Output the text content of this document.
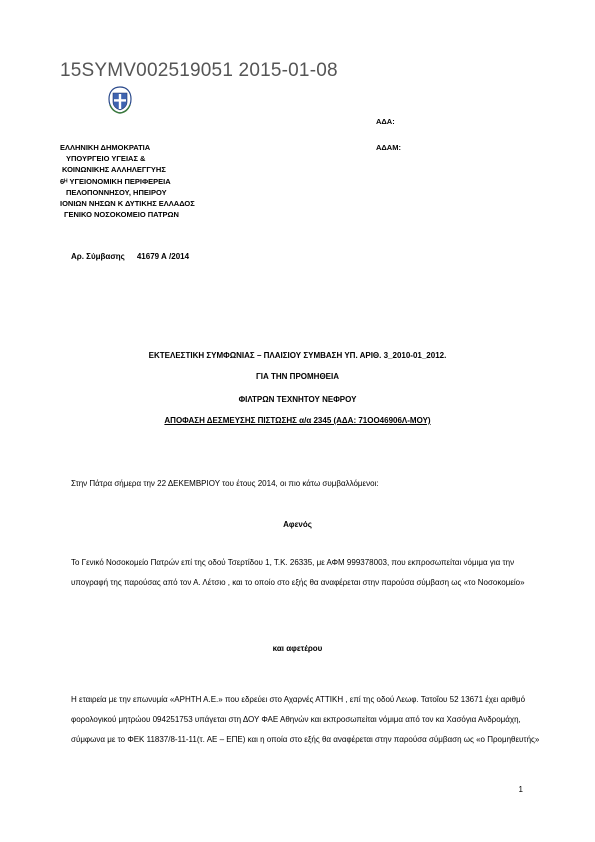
15SYMV002519051 2015-01-08
ΑΔΑ:
ΑΔΑΜ:
ΕΛΛΗΝΙΚΗ ΔΗΜΟΚΡΑΤΙΑ
ΥΠΟΥΡΓΕΙΟ ΥΓΕΙΑΣ &
ΚΟΙΝΩΝΙΚΗΣ ΑΛΛΗΛΕΓΓΥΗΣ
6ᴴ ΥΓΕΙΟΝΟΜΙΚΗ ΠΕΡΙΦΕΡΕΙΑ
ΠΕΛΟΠΟΝΝΗΣΟΥ, ΗΠΕΙΡΟΥ
ΙΟΝΙΩΝ ΝΗΣΩΝ Κ ΔΥΤΙΚΗΣ ΕΛΛΑΔΟΣ
ΓΕΝΙΚΟ ΝΟΣΟΚΟΜΕΙΟ ΠΑΤΡΩΝ
Αρ. Σύμβασης 41679 Α /2014
ΕΚΤΕΛΕΣΤΙΚΗ ΣΥΜΦΩΝΙΑΣ – ΠΛΑΙΣΙΟΥ ΣΥΜΒΑΣΗ ΥΠ. ΑΡΙΘ. 3_2010-01_2012.
ΓΙΑ ΤΗΝ ΠΡΟΜΗΘΕΙΑ
ΦΙΛΤΡΩΝ ΤΕΧΝΗΤΟΥ ΝΕΦΡΟΥ
ΑΠΟΦΑΣΗ ΔΕΣΜΕΥΣΗΣ ΠΙΣΤΩΣΗΣ α/α 2345 (ΑΔΑ: 71ΟΟ46906Λ-ΜΟΥ)
Στην Πάτρα σήμερα την 22 ΔΕΚΕΜΒΡΙΟΥ του έτους 2014, οι πιο κάτω συμβαλλόμενοι:
Αφενός
Το Γενικό Νοσοκομείο Πατρών επί της οδού Τσερτίδου 1, Τ.Κ. 26335, με ΑΦΜ 999378003, που εκπροσωπείται νόμιμα για την υπογραφή της παρούσας από τον Α. Λέτσιο , και το οποίο στο εξής θα αναφέρεται στην παρούσα σύμβαση ως «το Νοσοκομείο»
και αφετέρου
Η εταιρεία με την επωνυμία «ΑΡΗΤΗ Α.Ε.» που εδρεύει στο Αχαρνές ΑΤΤΙΚΗ , επί της οδού Λεωφ. Τατοΐου 52 13671 έχει αριθμό φορολογικού μητρώου 094251753 υπάγεται στη ΔΟΥ ΦΑΕ Αθηνών και εκπροσωπείται νόμιμα από τον κα Χασόγια Ανδρομάχη, σύμφωνα με το ΦΕΚ 11837/8-11-11(τ. ΑΕ – ΕΠΕ) και η οποία στο εξής θα αναφέρεται στην παρούσα σύμβαση ως «ο Προμηθευτής»
1
